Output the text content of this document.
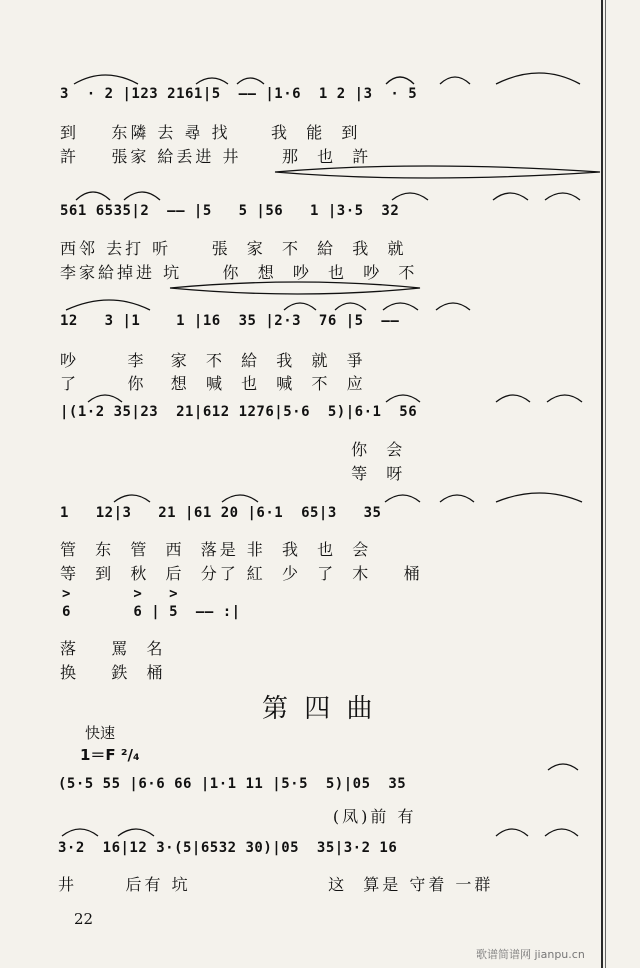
3  · 2 |123 2161|5  —— |1·6  1 2 |3  · 5
到    东隣 去 尋 找     我  能  到
許    張家 給丢进 井     那  也  許
561 6535|2  —— |5   5 |56   1 |3·5  32
西邻 去打 听     張  家  不  給  我  就
李家給掉进 坑     你  想  吵  也  吵  不
12   3 |1    1 |16  35 |2·3  76 |5  ——
吵      李   家  不  給  我  就  爭
了      你   想  喊  也  喊  不  应
|(1·2 35|23  21|612 1276|5·6  5)|6·1  56
你  会
等  呀
1   12|3   21 |61 20 |6·1  65|3   35
管  东  管  西  落是 非  我  也  会
等  到  秋  后  分了 紅  少  了  木    桶
>       >   >
6       6 | 5  —— :|
落    罵  名
换    鉄  桶
第 四 曲
快速
1＝F ²/₄
(5·5 55 |6·6 66 |1·1 11 |5·5  5)|05  35
(凤)前 有
3·2  16|12 3·(5|6532 30)|05  35|3·2 16
井      后有 坑                 这  算是 守着 一群
22
歌谱简谱网 jianpu.cn
